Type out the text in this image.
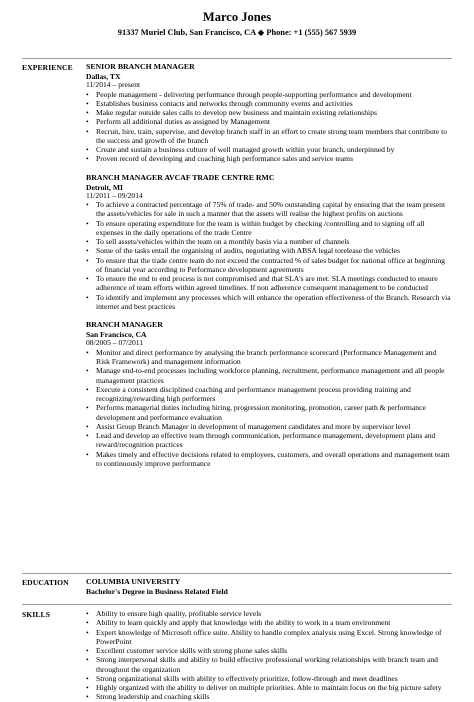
Marco Jones
91337 Muriel Club, San Francisco, CA ◆ Phone: +1 (555) 567 5939
EXPERIENCE SENIOR BRANCH MANAGER
Dallas, TX
11/2014 – present
• People management - delivering performance through people-supporting performance and development
• Establishes business contacts and networks through community events and activities
• Make regular outside sales calls to develop new business and maintain existing relationships
• Perform all additional duties as assigned by Management
• Recruit, hire, train, supervise, and develop branch staff in an effort to create strong team members that contribute to the success and growth of the branch
• Create and sustain a business culture of well managed growth within your branch, underpinned by
• Proven record of developing and coaching high performance sales and service teams
BRANCH MANAGER AVCAF TRADE CENTRE RMC
Detroit, MI
11/2011 – 09/2014
• To achieve a contracted percentage of 75% of trade- and 50% outstanding capital by ensuring that the team present the assets/vehicles for sale in such a manner that the assets will realise the highest profits on auctions
• To ensure operating expenditure for the team is within budget by checking /controlling and to signing off all expenses in the daily operations of the trade Centre
• To sell assets/vehicles within the team on a monthly basis via a number of channels
• Some of the tasks entail the organising of audits, negotiating with ABSA legal torelease the vehicles
• To ensure that the trade centre team do not exceed the contracted % of sales budget for national office at beginning of financial year according to Performance development agreements
• To ensure the end to end process is not compromised and that SLA's are met. SLA meetings conducted to ensure adherence of team efforts within agreed timelines. If non adherence consequent management to be conducted
• To identify and implement any processes which will enhance the operation effectiveness of the Branch. Research via internet and best practices
BRANCH MANAGER
San Francisco, CA
08/2005 – 07/2011
• Monitor and direct performance by analysing the branch performance scorecard (Performance Management and Risk Framework) and management information
• Manage end-to-end processes including workforce planning, recruitment, performance management and all people management practices
• Execute a consistent disciplined coaching and performance management process providing training and recognizing/rewarding high performers
• Performs managerial duties including hiring, progression monitoring, promotion, career path & performance development and performance evaluation
• Assist Group Branch Manager in development of management candidates and more by supervisor level
• Lead and develop an effective team through communication, performance management, development plans and reward/recognition practices
• Makes timely and effective decisions related to employees, customers, and overall operations and management team to continuously improve performance
EDUCATION COLUMBIA UNIVERSITY
Bachelor's Degree in Business Related Field
SKILLS
•	Ability to ensure high quality, profitable service levels
• Ability to learn quickly and apply that knowledge with the ability to work in a team environment
• Expert knowledge of Microsoft office suite. Ability to handle complex analysis using Excel. Strong knowledge of PowerPoint
• Excellent customer service skills with strong phone sales skills
• Strong interpersonal skills and ability to build effective professional working relationships with branch team and throughout the organization
• Strong organizational skills with ability to effectively prioritize, follow-through and meet deadlines
• Highly organized with the ability to deliver on multiple priorities. Able to maintain focus on the big picture safety
• Strong leadership and coaching skills
